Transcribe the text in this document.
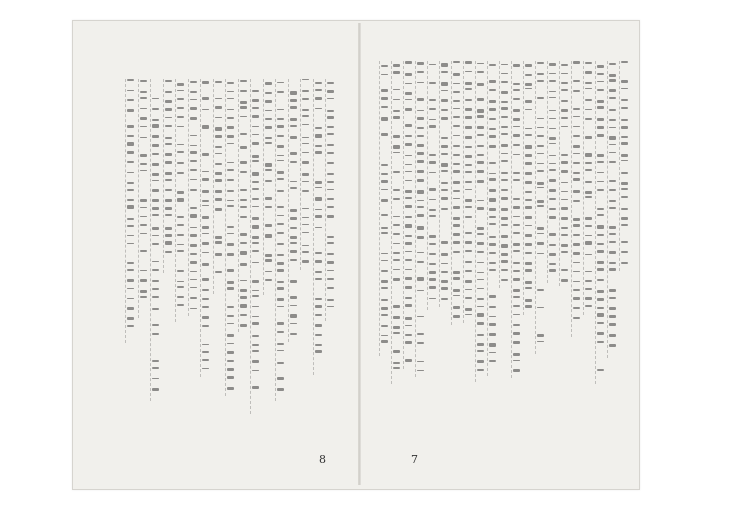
8	7
